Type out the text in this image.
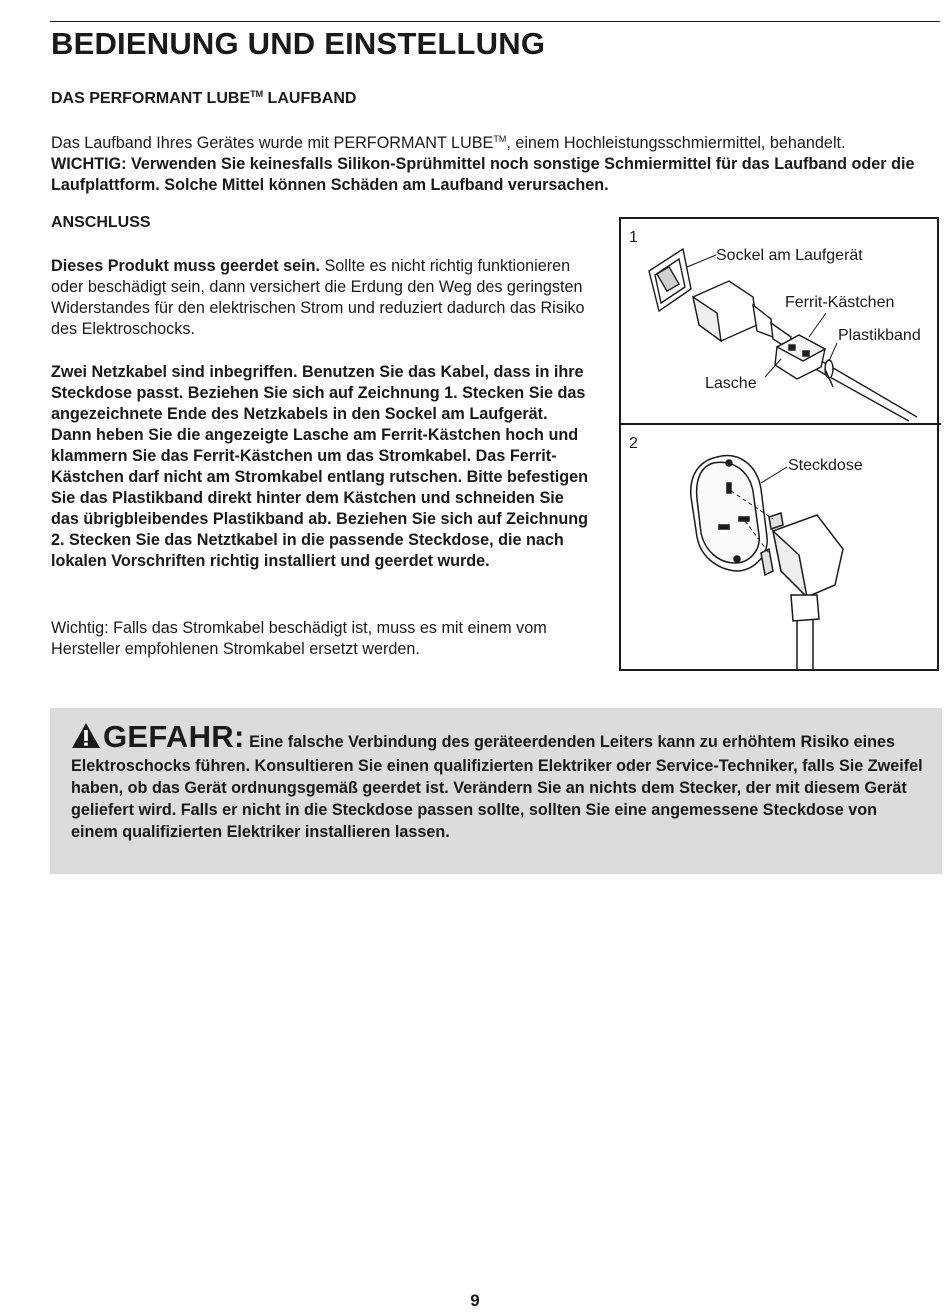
BEDIENUNG UND EINSTELLUNG
DAS PERFORMANT LUBE™ LAUFBAND

Das Laufband Ihres Gerätes wurde mit PERFORMANT LUBE™, einem Hochleistungsschmiermittel, behandelt.
WICHTIG: Verwenden Sie keinesfalls Silikon-Sprühmittel noch sonstige Schmiermittel für das Laufband oder die Laufplattform. Solche Mittel können Schäden am Laufband verursachen.

ANSCHLUSS

Dieses Produkt muss geerdet sein. Sollte es nicht richtig funktionieren oder beschädigt sein, dann versichert die Erdung den Weg des geringsten Widerstandes für den elektrischen Strom und reduziert dadurch das Risiko des Elektroschocks.

Zwei Netzkabel sind inbegriffen. Benutzen Sie das Kabel, dass in ihre Steckdose passt. Beziehen Sie sich auf Zeichnung 1. Stecken Sie das angezeichnete Ende des Netzkabels in den Sockel am Laufgerät. Dann heben Sie die angezeigte Lasche am Ferrit-Kästchen hoch und klammern Sie das Ferrit-Kästchen um das Stromkabel. Das Ferrit-Kästchen darf nicht am Stromkabel entlang rutschen. Bitte befestigen Sie das Plastikband direkt hinter dem Kästchen und schneiden Sie das übrigbleibendes Plastikband ab. Beziehen Sie sich auf Zeichnung 2. Stecken Sie das Netztkabel in die passende Steckdose, die nach lokalen Vorschriften richtig installiert und geerdet wurde.

Wichtig: Falls das Stromkabel beschädigt ist, muss es mit einem vom Hersteller empfohlenen Stromkabel ersetzt werden.

1
Sockel am Laufgerät
Ferrit-Kästchen
Plastikband
Lasche
2
Steckdose

GEFAHR: Eine falsche Verbindung des geräteerdenden Leiters kann zu erhöhtem Risiko eines Elektroschocks führen. Konsultieren Sie einen qualifizierten Elektriker oder Service-Techniker, falls Sie Zweifel haben, ob das Gerät ordnungsgemäß geerdet ist. Verändern Sie an nichts dem Stecker, der mit diesem Gerät geliefert wird. Falls er nicht in die Steckdose passen sollte, sollten Sie eine angemessene Steckdose von einem qualifizierten Elektriker installieren lassen.

9
